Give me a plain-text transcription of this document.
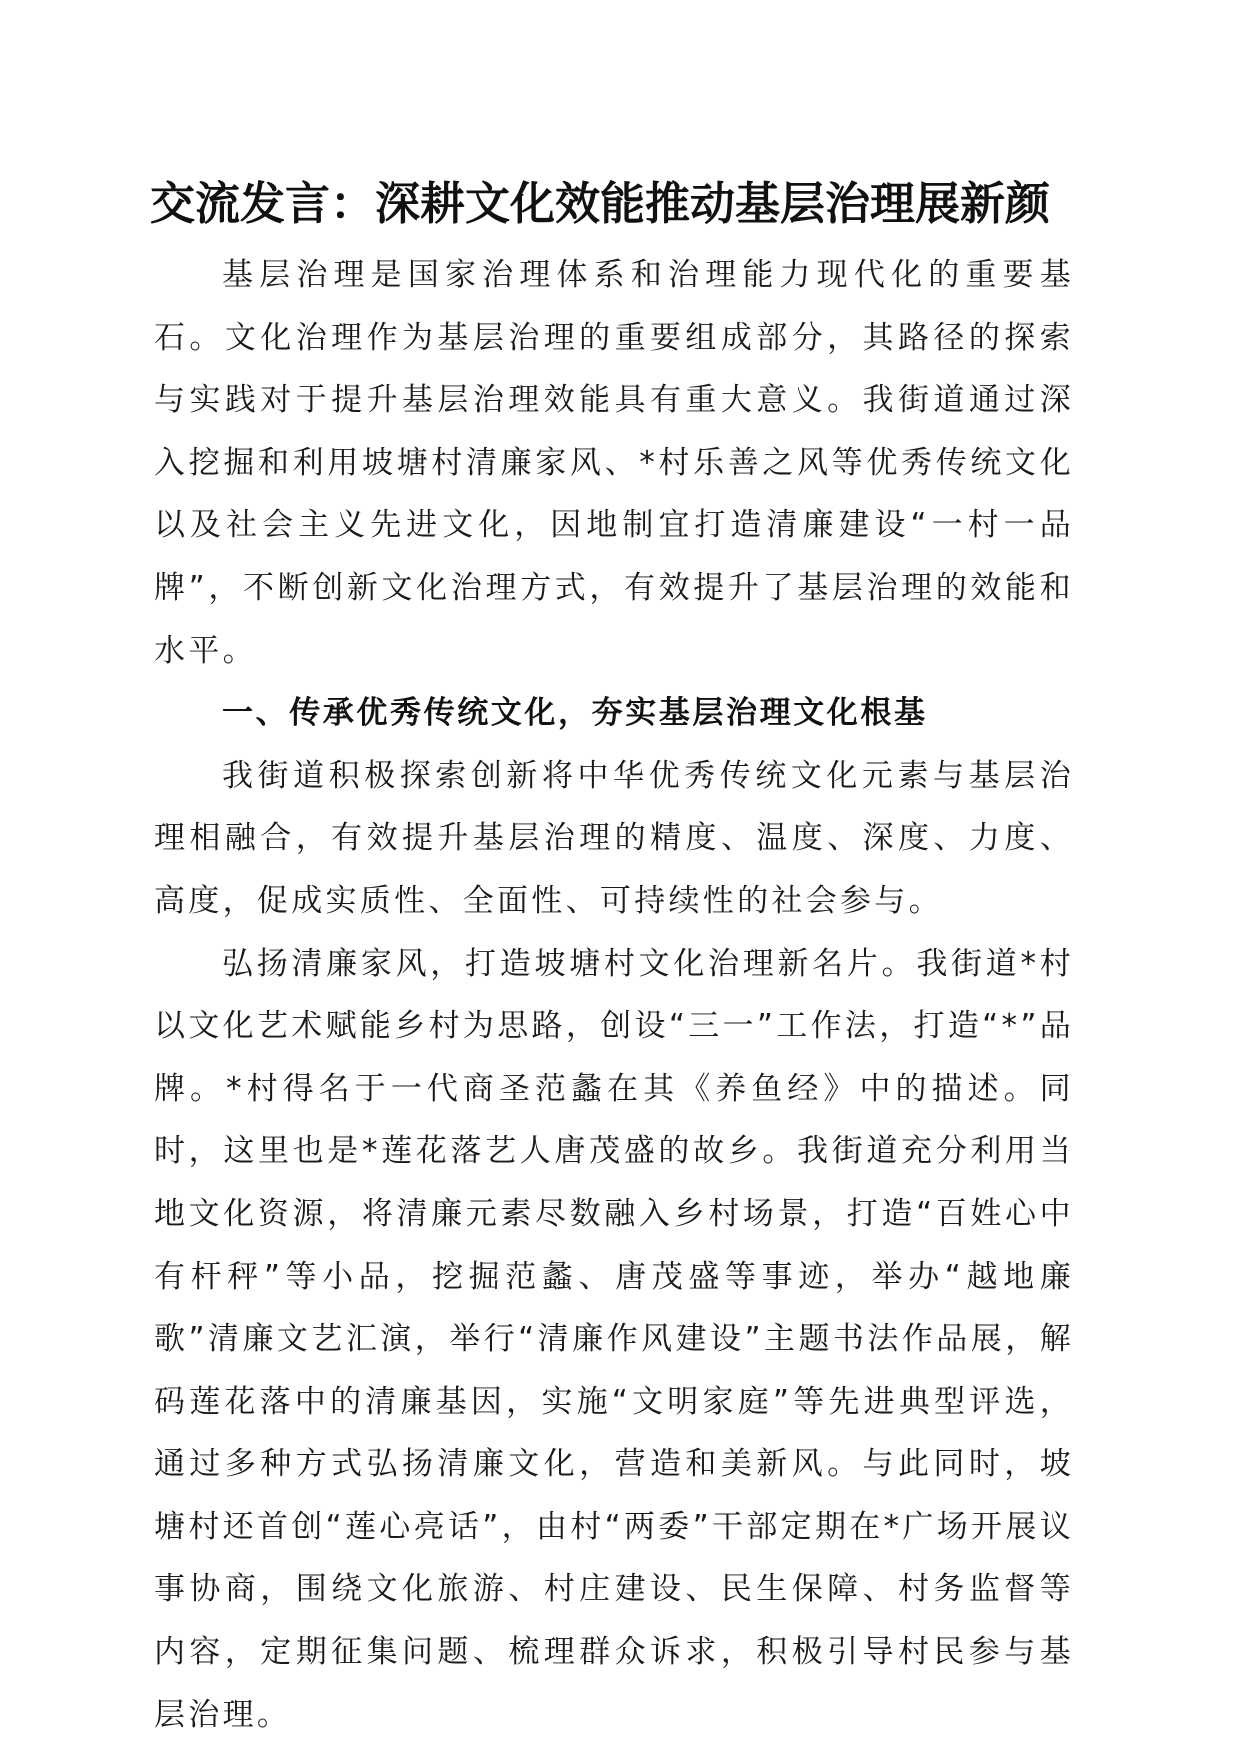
交流发言：深耕文化效能推动基层治理展新颜

基层治理是国家治理体系和治理能力现代化的重要基石。文化治理作为基层治理的重要组成部分，其路径的探索与实践对于提升基层治理效能具有重大意义。我街道通过深入挖掘和利用坡塘村清廉家风、*村乐善之风等优秀传统文化以及社会主义先进文化，因地制宜打造清廉建设“一村一品牌”，不断创新文化治理方式，有效提升了基层治理的效能和水平。

一、传承优秀传统文化，夯实基层治理文化根基

我街道积极探索创新将中华优秀传统文化元素与基层治理相融合，有效提升基层治理的精度、温度、深度、力度、高度，促成实质性、全面性、可持续性的社会参与。

弘扬清廉家风，打造坡塘村文化治理新名片。我街道*村以文化艺术赋能乡村为思路，创设“三一”工作法，打造“*”品牌。*村得名于一代商圣范蠡在其《养鱼经》中的描述。同时，这里也是*莲花落艺人唐茂盛的故乡。我街道充分利用当地文化资源，将清廉元素尽数融入乡村场景，打造“百姓心中有杆秤”等小品，挖掘范蠡、唐茂盛等事迹，举办“越地廉歌”清廉文艺汇演，举行“清廉作风建设”主题书法作品展，解码莲花落中的清廉基因，实施“文明家庭”等先进典型评选，通过多种方式弘扬清廉文化，营造和美新风。与此同时，坡塘村还首创“莲心亮话”，由村“两委”干部定期在*广场开展议事协商，围绕文化旅游、村庄建设、民生保障、村务监督等内容，定期征集问题、梳理群众诉求，积极引导村民参与基层治理。
